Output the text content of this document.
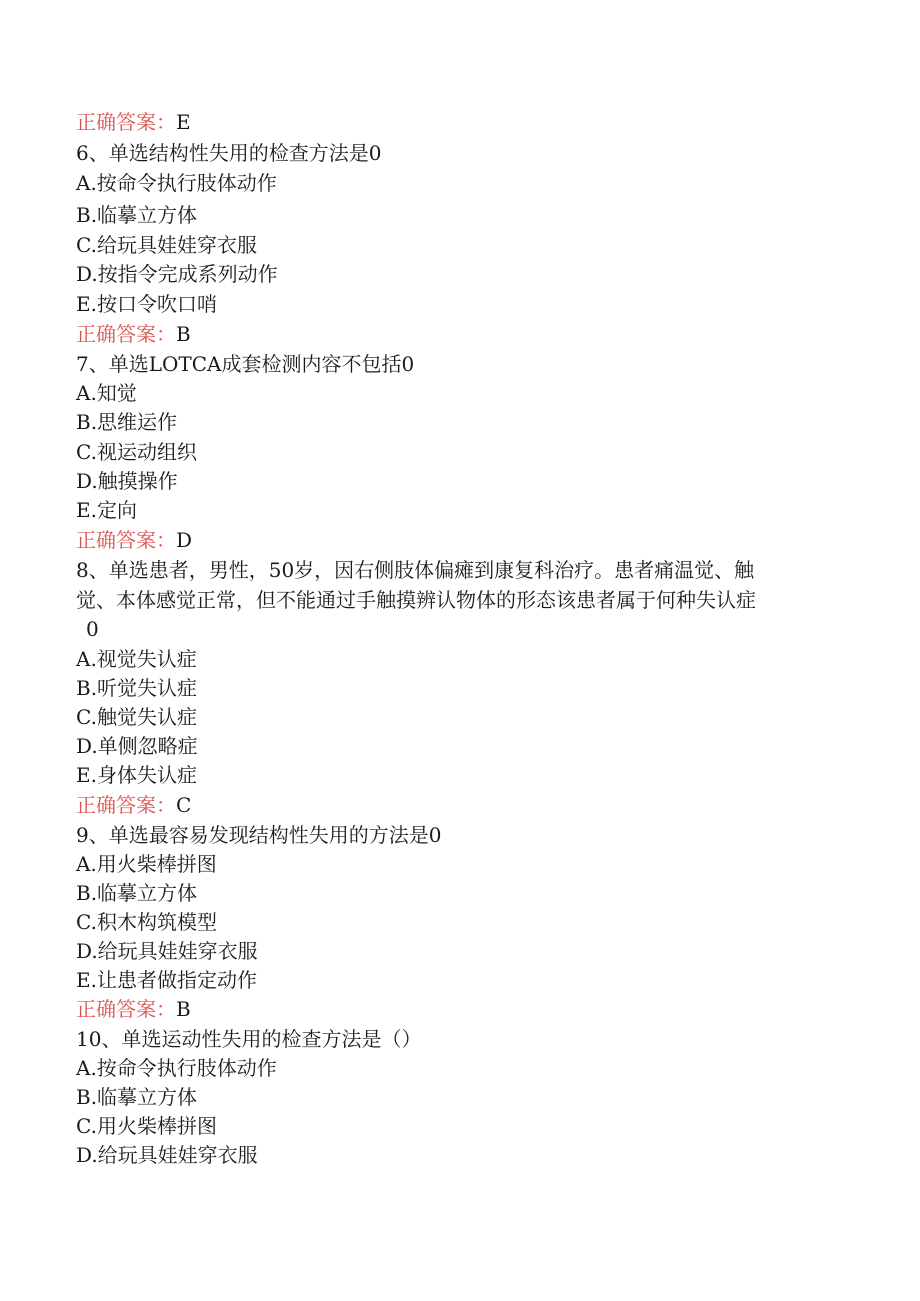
正确答案：E
6、单选结构性失用的检查方法是0
A.按命令执行肢体动作
B.临摹立方体
C.给玩具娃娃穿衣服
D.按指令完成系列动作
E.按口令吹口哨
正确答案：B
7、单选LOTCA成套检测内容不包括0
A.知觉
B.思维运作
C.视运动组织
D.触摸操作
E.定向
正确答案：D
8、单选患者，男性，50岁，因右侧肢体偏瘫到康复科治疗。患者痛温觉、触
觉、本体感觉正常，但不能通过手触摸辨认物体的形态该患者属于何种失认症
0
A.视觉失认症
B.听觉失认症
C.触觉失认症
D.单侧忽略症
E.身体失认症
正确答案：C
9、单选最容易发现结构性失用的方法是0
A.用火柴棒拼图
B.临摹立方体
C.积木构筑模型
D.给玩具娃娃穿衣服
E.让患者做指定动作
正确答案：B
10、单选运动性失用的检查方法是（）
A.按命令执行肢体动作
B.临摹立方体
C.用火柴棒拼图
D.给玩具娃娃穿衣服
